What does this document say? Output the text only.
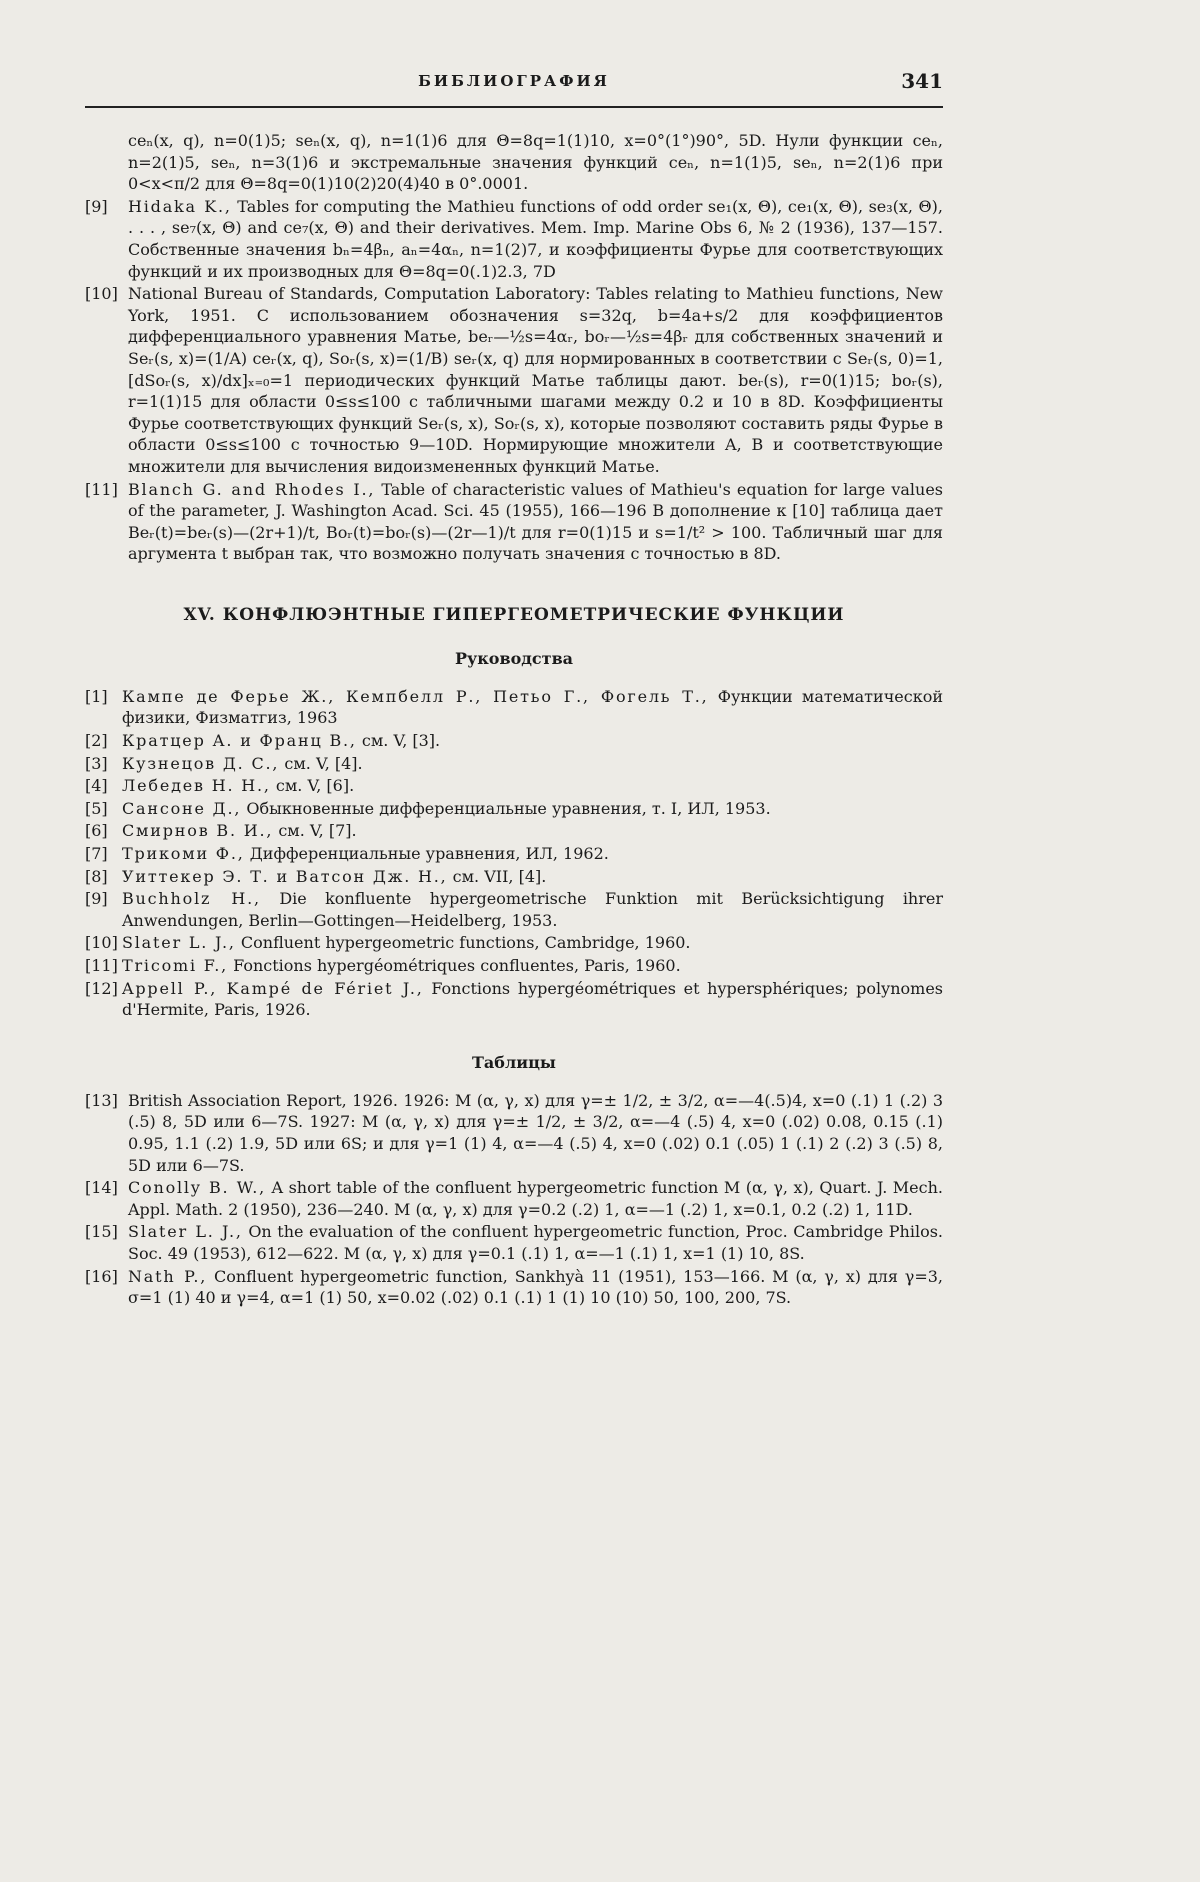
БИБЛИОГРАФИЯ	341

ceₙ(x, q), n=0(1)5; seₙ(x, q), n=1(1)6 для Θ=8q=1(1)10, x=0°(1°)90°, 5D. Нули функции ceₙ, n=2(1)5, seₙ, n=3(1)6 и экстремальные значения функций ceₙ, n=1(1)5, seₙ, n=2(1)6 при 0<x<π/2 для Θ=8q=0(1)10(2)20(4)40 в 0°.0001.

[9] Hidaka K., Tables for computing the Mathieu functions of odd order se₁(x, Θ), ce₁(x, Θ), se₃(x, Θ), . . . , se₇(x, Θ) and ce₇(x, Θ) and their derivatives. Mem. Imp. Marine Obs 6, № 2 (1936), 137—157. Собственные значения bₙ=4βₙ, aₙ=4αₙ, n=1(2)7, и коэффициенты Фурье для соответствующих функций и их производных для Θ=8q=0(.1)2.3, 7D
[10] National Bureau of Standards, Computation Laboratory: Tables relating to Mathieu functions, New York, 1951. С использованием обозначения s=32q, b=4a+s/2 для коэффициентов дифференциального уравнения Матье, beᵣ—½s=4αᵣ, boᵣ—½s=4βᵣ для собственных значений и Seᵣ(s, x)=(1/A) ceᵣ(x, q), Soᵣ(s, x)=(1/B) seᵣ(x, q) для нормированных в соответствии с Seᵣ(s, 0)=1, [dSoᵣ(s, x)/dx]ₓ₌₀=1 периодических функций Матье таблицы дают. beᵣ(s), r=0(1)15; boᵣ(s), r=1(1)15 для области 0≤s≤100 с табличными шагами между 0.2 и 10 в 8D. Коэффициенты Фурье соответствующих функций Seᵣ(s, x), Soᵣ(s, x), которые позволяют составить ряды Фурье в области 0≤s≤100 с точностью 9—10D. Нормирующие множители A, B и соответствующие множители для вычисления видоизмененных функций Матье.
[11] Blanch G. and Rhodes I., Table of characteristic values of Mathieu's equation for large values of the parameter, J. Washington Acad. Sci. 45 (1955), 166—196 В дополнение к [10] таблица дает Beᵣ(t)=beᵣ(s)—(2r+1)/t, Boᵣ(t)=boᵣ(s)—(2r—1)/t для r=0(1)15 и s=1/t² > 100. Табличный шаг для аргумента t выбран так, что возможно получать значения с точностью в 8D.
XV. КОНФЛЮЭНТНЫЕ ГИПЕРГЕОМЕТРИЧЕСКИЕ ФУНКЦИИ
Руководства
[1] Кампе де Ферье Ж., Кемпбелл Р., Петьо Г., Фогель Т., Функции математической физики, Физматгиз, 1963
[2] Кратцер А. и Франц В., см. V, [3].
[3] Кузнецов Д. С., см. V, [4].
[4] Лебедев Н. Н., см. V, [6].
[5] Сансоне Д., Обыкновенные дифференциальные уравнения, т. I, ИЛ, 1953.
[6] Смирнов В. И., см. V, [7].
[7] Трикоми Ф., Дифференциальные уравнения, ИЛ, 1962.
[8] Уиттекер Э. Т. и Ватсон Дж. Н., см. VII, [4].
[9] Buchholz H., Die konfluente hypergeometrische Funktion mit Berücksichtigung ihrer Anwendungen, Berlin—Gottingen—Heidelberg, 1953.
[10] Slater L. J., Confluent hypergeometric functions, Cambridge, 1960.
[11] Tricomi F., Fonctions hypergéométriques confluentes, Paris, 1960.
[12] Appell P., Kampé de Fériet J., Fonctions hypergéométriques et hypersphériques; polynomes d'Hermite, Paris, 1926.
Таблицы
[13] British Association Report, 1926. 1926: M (α, γ, x) для γ=± 1/2, ± 3/2, α=—4(.5)4, x=0 (.1) 1 (.2) 3 (.5) 8, 5D или 6—7S. 1927: M (α, γ, x) для γ=± 1/2, ± 3/2, α=—4 (.5) 4, x=0 (.02) 0.08, 0.15 (.1) 0.95, 1.1 (.2) 1.9, 5D или 6S; и для γ=1 (1) 4, α=—4 (.5) 4, x=0 (.02) 0.1 (.05) 1 (.1) 2 (.2) 3 (.5) 8, 5D или 6—7S.
[14] Conolly B. W., A short table of the confluent hypergeometric function M (α, γ, x), Quart. J. Mech. Appl. Math. 2 (1950), 236—240. M (α, γ, x) для γ=0.2 (.2) 1, α=—1 (.2) 1, x=0.1, 0.2 (.2) 1, 11D.
[15] Slater L. J., On the evaluation of the confluent hypergeometric function, Proc. Cambridge Philos. Soc. 49 (1953), 612—622. M (α, γ, x) для γ=0.1 (.1) 1, α=—1 (.1) 1, x=1 (1) 10, 8S.
[16] Nath P., Confluent hypergeometric function, Sankhyà 11 (1951), 153—166. M (α, γ, x) для γ=3, σ=1 (1) 40 и γ=4, α=1 (1) 50, x=0.02 (.02) 0.1 (.1) 1 (1) 10 (10) 50, 100, 200, 7S.
